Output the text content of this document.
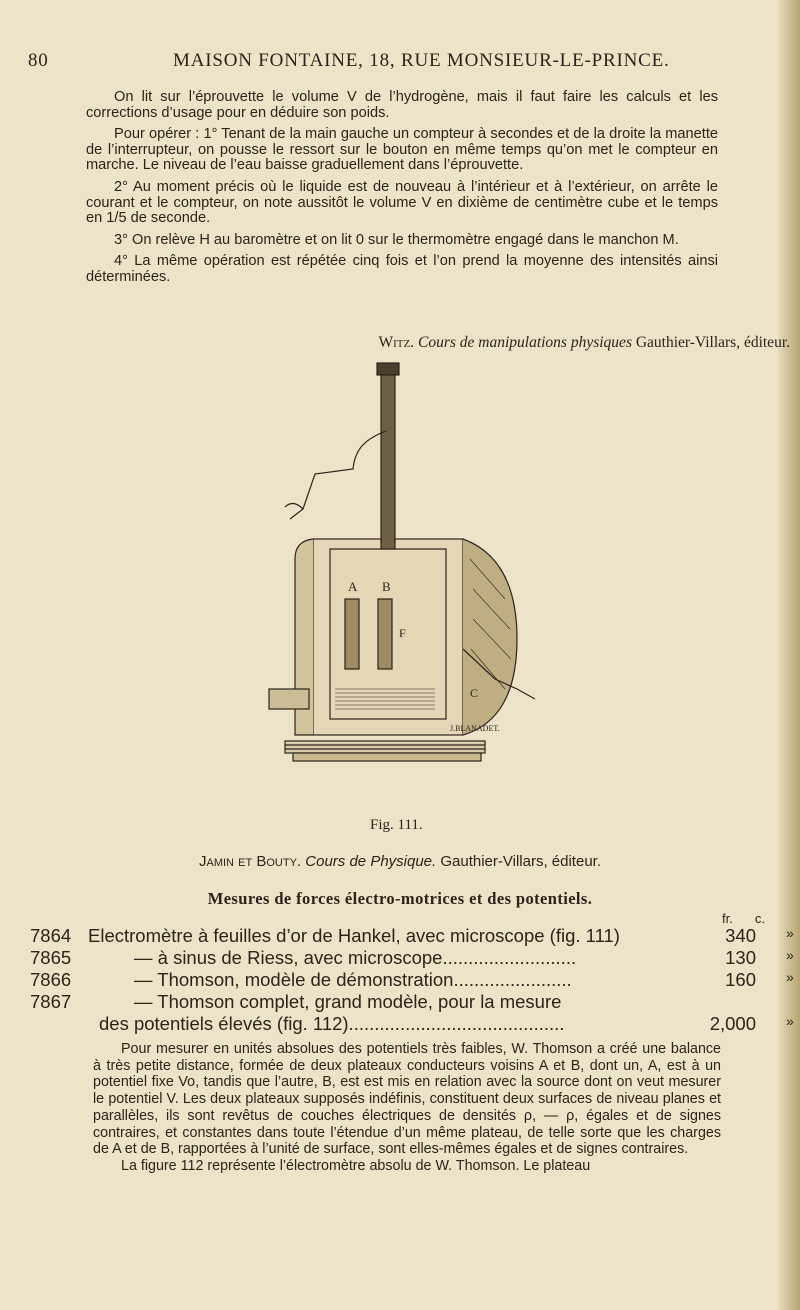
80	MAISON FONTAINE, 18, RUE MONSIEUR-LE-PRINCE.
On lit sur l’éprouvette le volume V de l’hydrogène, mais il faut faire les calculs et les corrections d’usage pour en déduire son poids.
Pour opérer : 1° Tenant de la main gauche un compteur à secondes et de la droite la manette de l’interrupteur, on pousse le ressort sur le bouton en même temps qu’on met le compteur en marche. Le niveau de l’eau baisse graduellement dans l’éprouvette.
2° Au moment précis où le liquide est de nouveau à l’intérieur et à l’extérieur, on arrête le courant et le compteur, on note aussitôt le volume V en dixième de centimètre cube et le temps en 1/5 de seconde.
3° On relève H au baromètre et on lit 0 sur le thermomètre engagé dans le manchon M.
4° La même opération est répétée cinq fois et l’on prend la moyenne des intensités ainsi déterminées.
Witz. Cours de manipulations physiques Gauthier-Villars, éditeur.
A B
F
C
J.BLANADET.
Fig. 111.
Jamin et Bouty. Cours de Physique. Gauthier-Villars, éditeur.
Mesures de forces électro-motrices et des potentiels.
fr. c.
7864 Electromètre à feuilles d’or de Hankel, avec microscope (fig. 111)	340 »
7865	— à sinus de Riess, avec microscope..........................	130 »
7866	— Thomson, modèle de démonstration.......................	160 »
7867	— Thomson complet, grand modèle, pour la mesure
des potentiels élevés (fig. 112)..........................................	2,000 »

Pour mesurer en unités absolues des potentiels très faibles, W. Thomson a créé une balance à très petite distance, formée de deux plateaux conducteurs voisins A et B, dont un, A, est à un potentiel fixe Vo, tandis que l’autre, B, est est mis en relation avec la source dont on veut mesurer le potentiel V. Les deux plateaux supposés indéfinis, constituent deux surfaces de niveau planes et parallèles, ils sont revêtus de couches électriques de densités ρ, — ρ, égales et de signes contraires, et constantes dans toute l’étendue d’un même plateau, de telle sorte que les charges de A et de B, rapportées à l’unité de surface, sont elles-mêmes égales et de signes contraires.

La figure 112 représente l’électromètre absolu de W. Thomson. Le plateau
